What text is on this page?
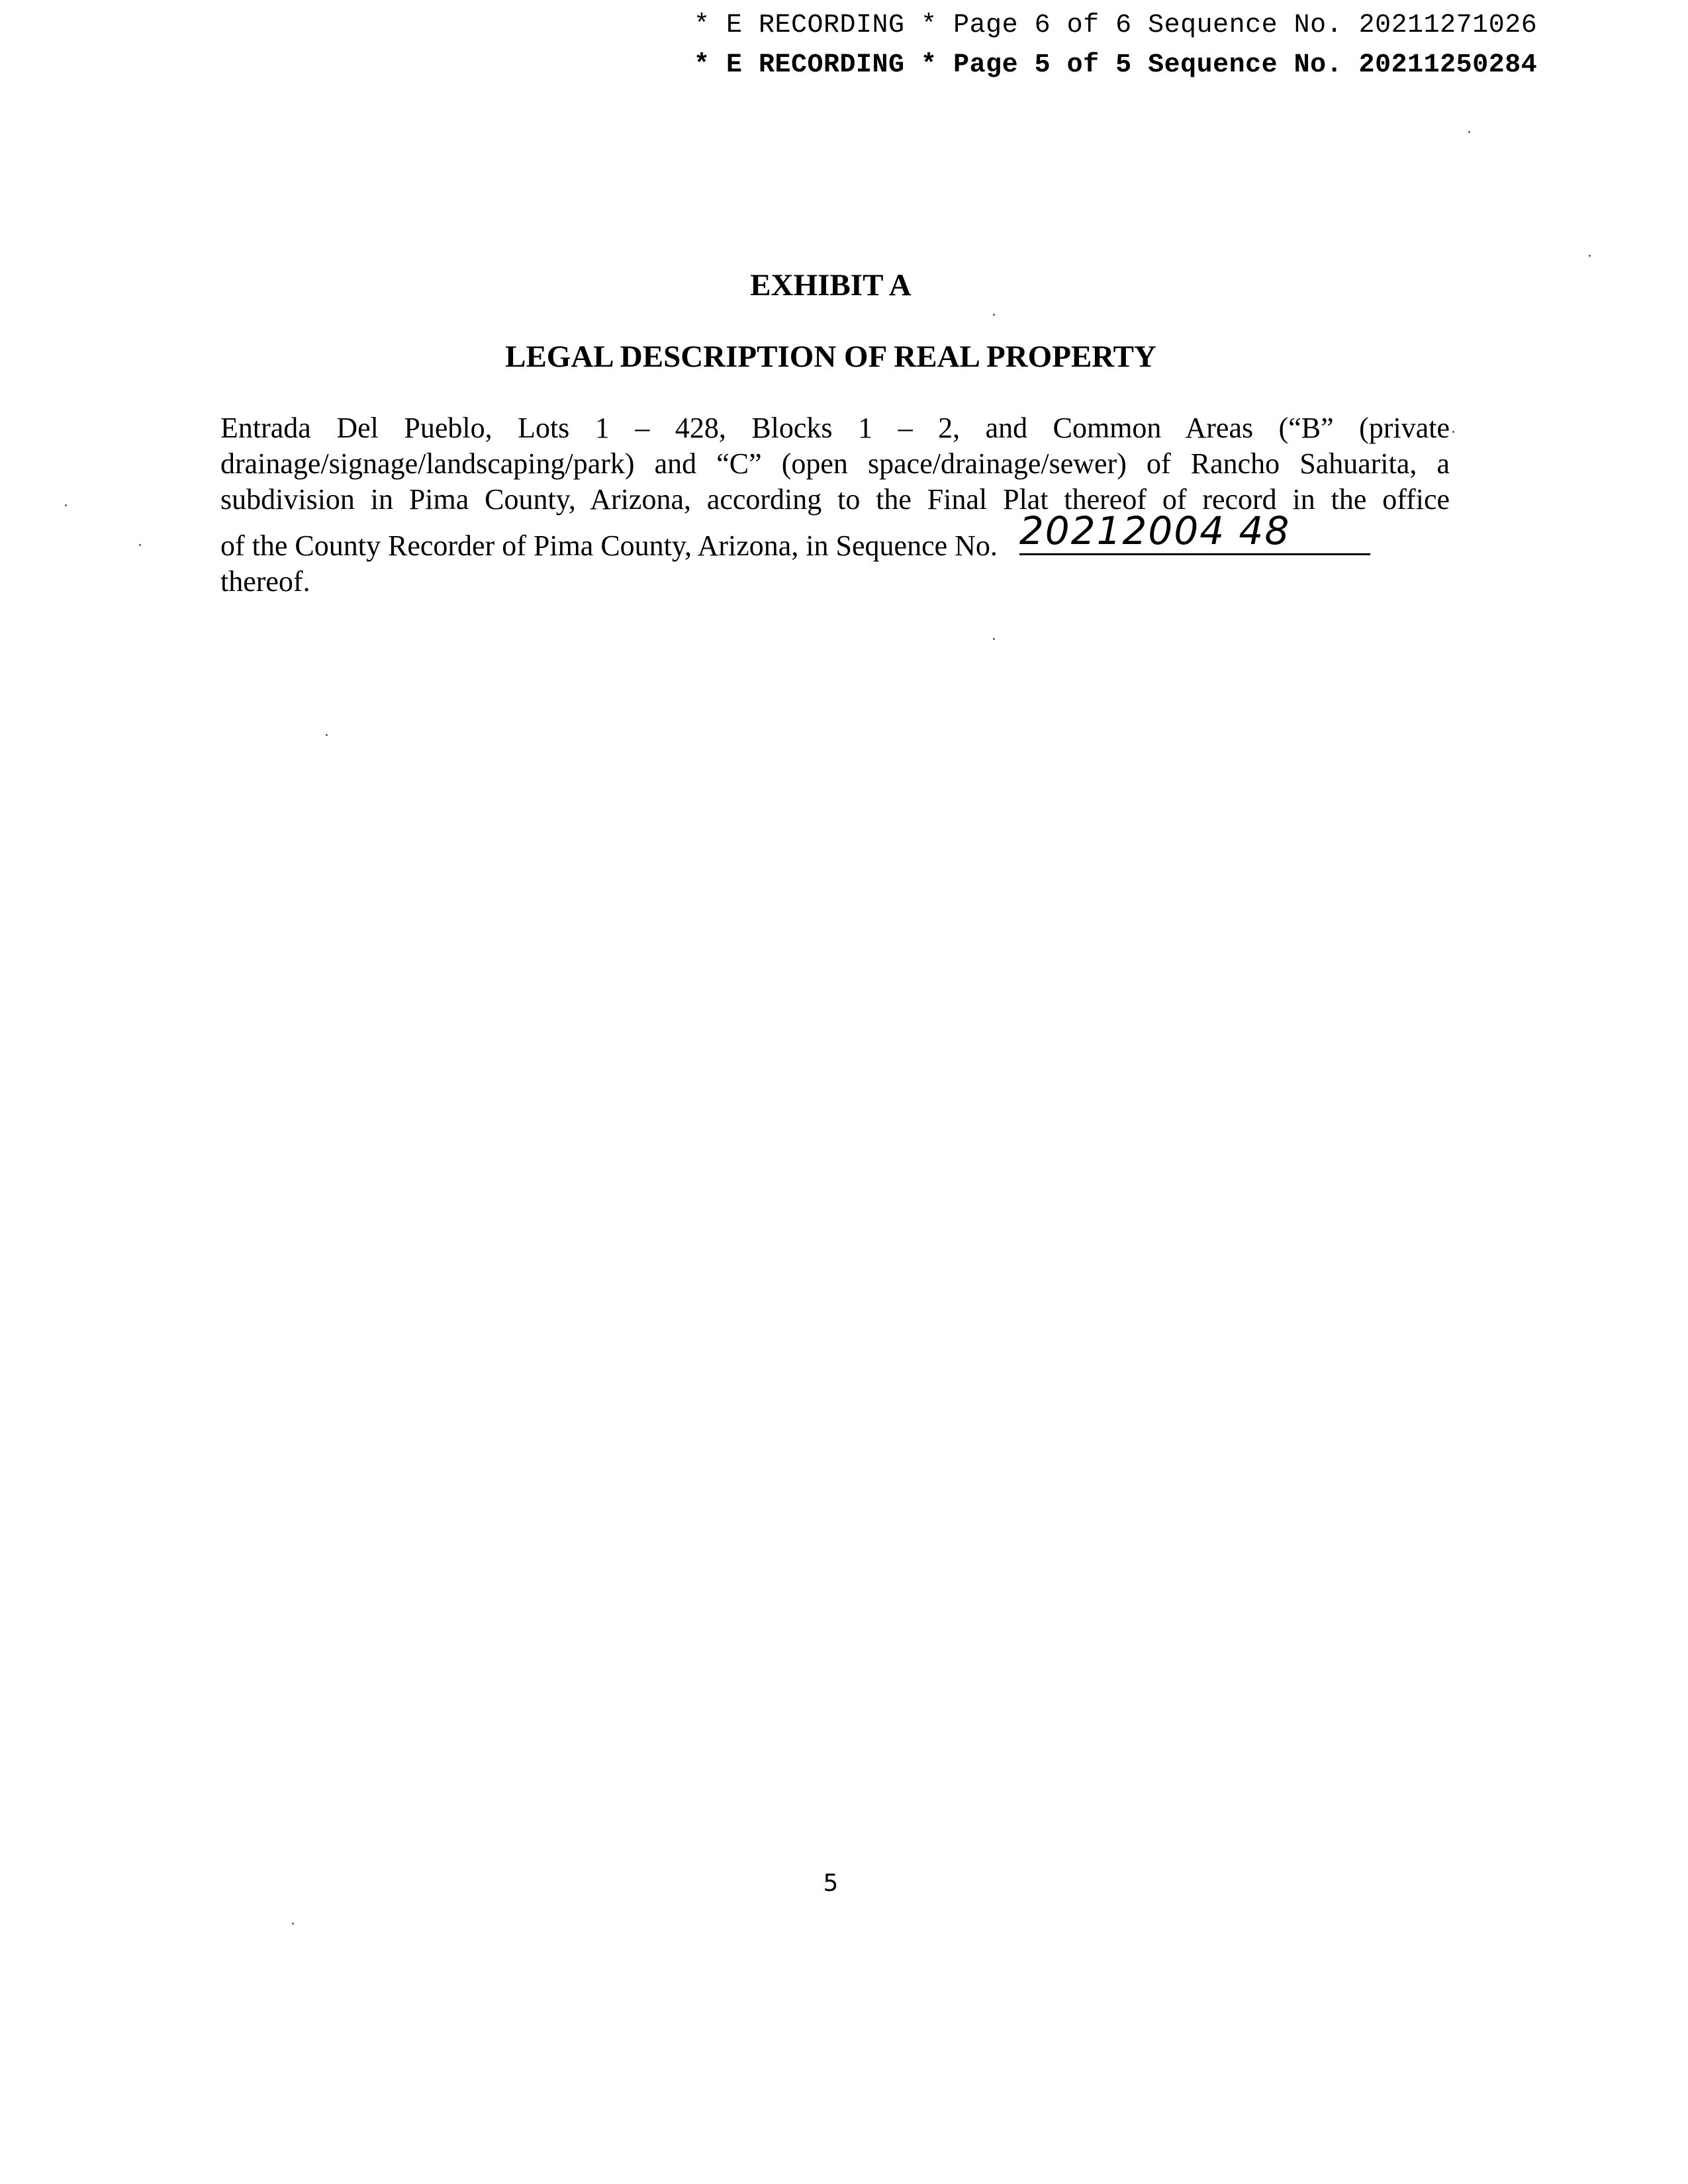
* E RECORDING * Page 6 of 6 Sequence No. 20211271026
* E RECORDING * Page 5 of 5 Sequence No. 20211250284
EXHIBIT A
LEGAL DESCRIPTION OF REAL PROPERTY
Entrada Del Pueblo, Lots 1 – 428, Blocks 1 – 2, and Common Areas (“B” (private
drainage/signage/landscaping/park) and “C” (open space/drainage/sewer) of Rancho Sahuarita, a
subdivision in Pima County, Arizona, according to the Final Plat thereof of record in the office
of the County Recorder of Pima County, Arizona, in Sequence No. 20212004 48
thereof.
5
